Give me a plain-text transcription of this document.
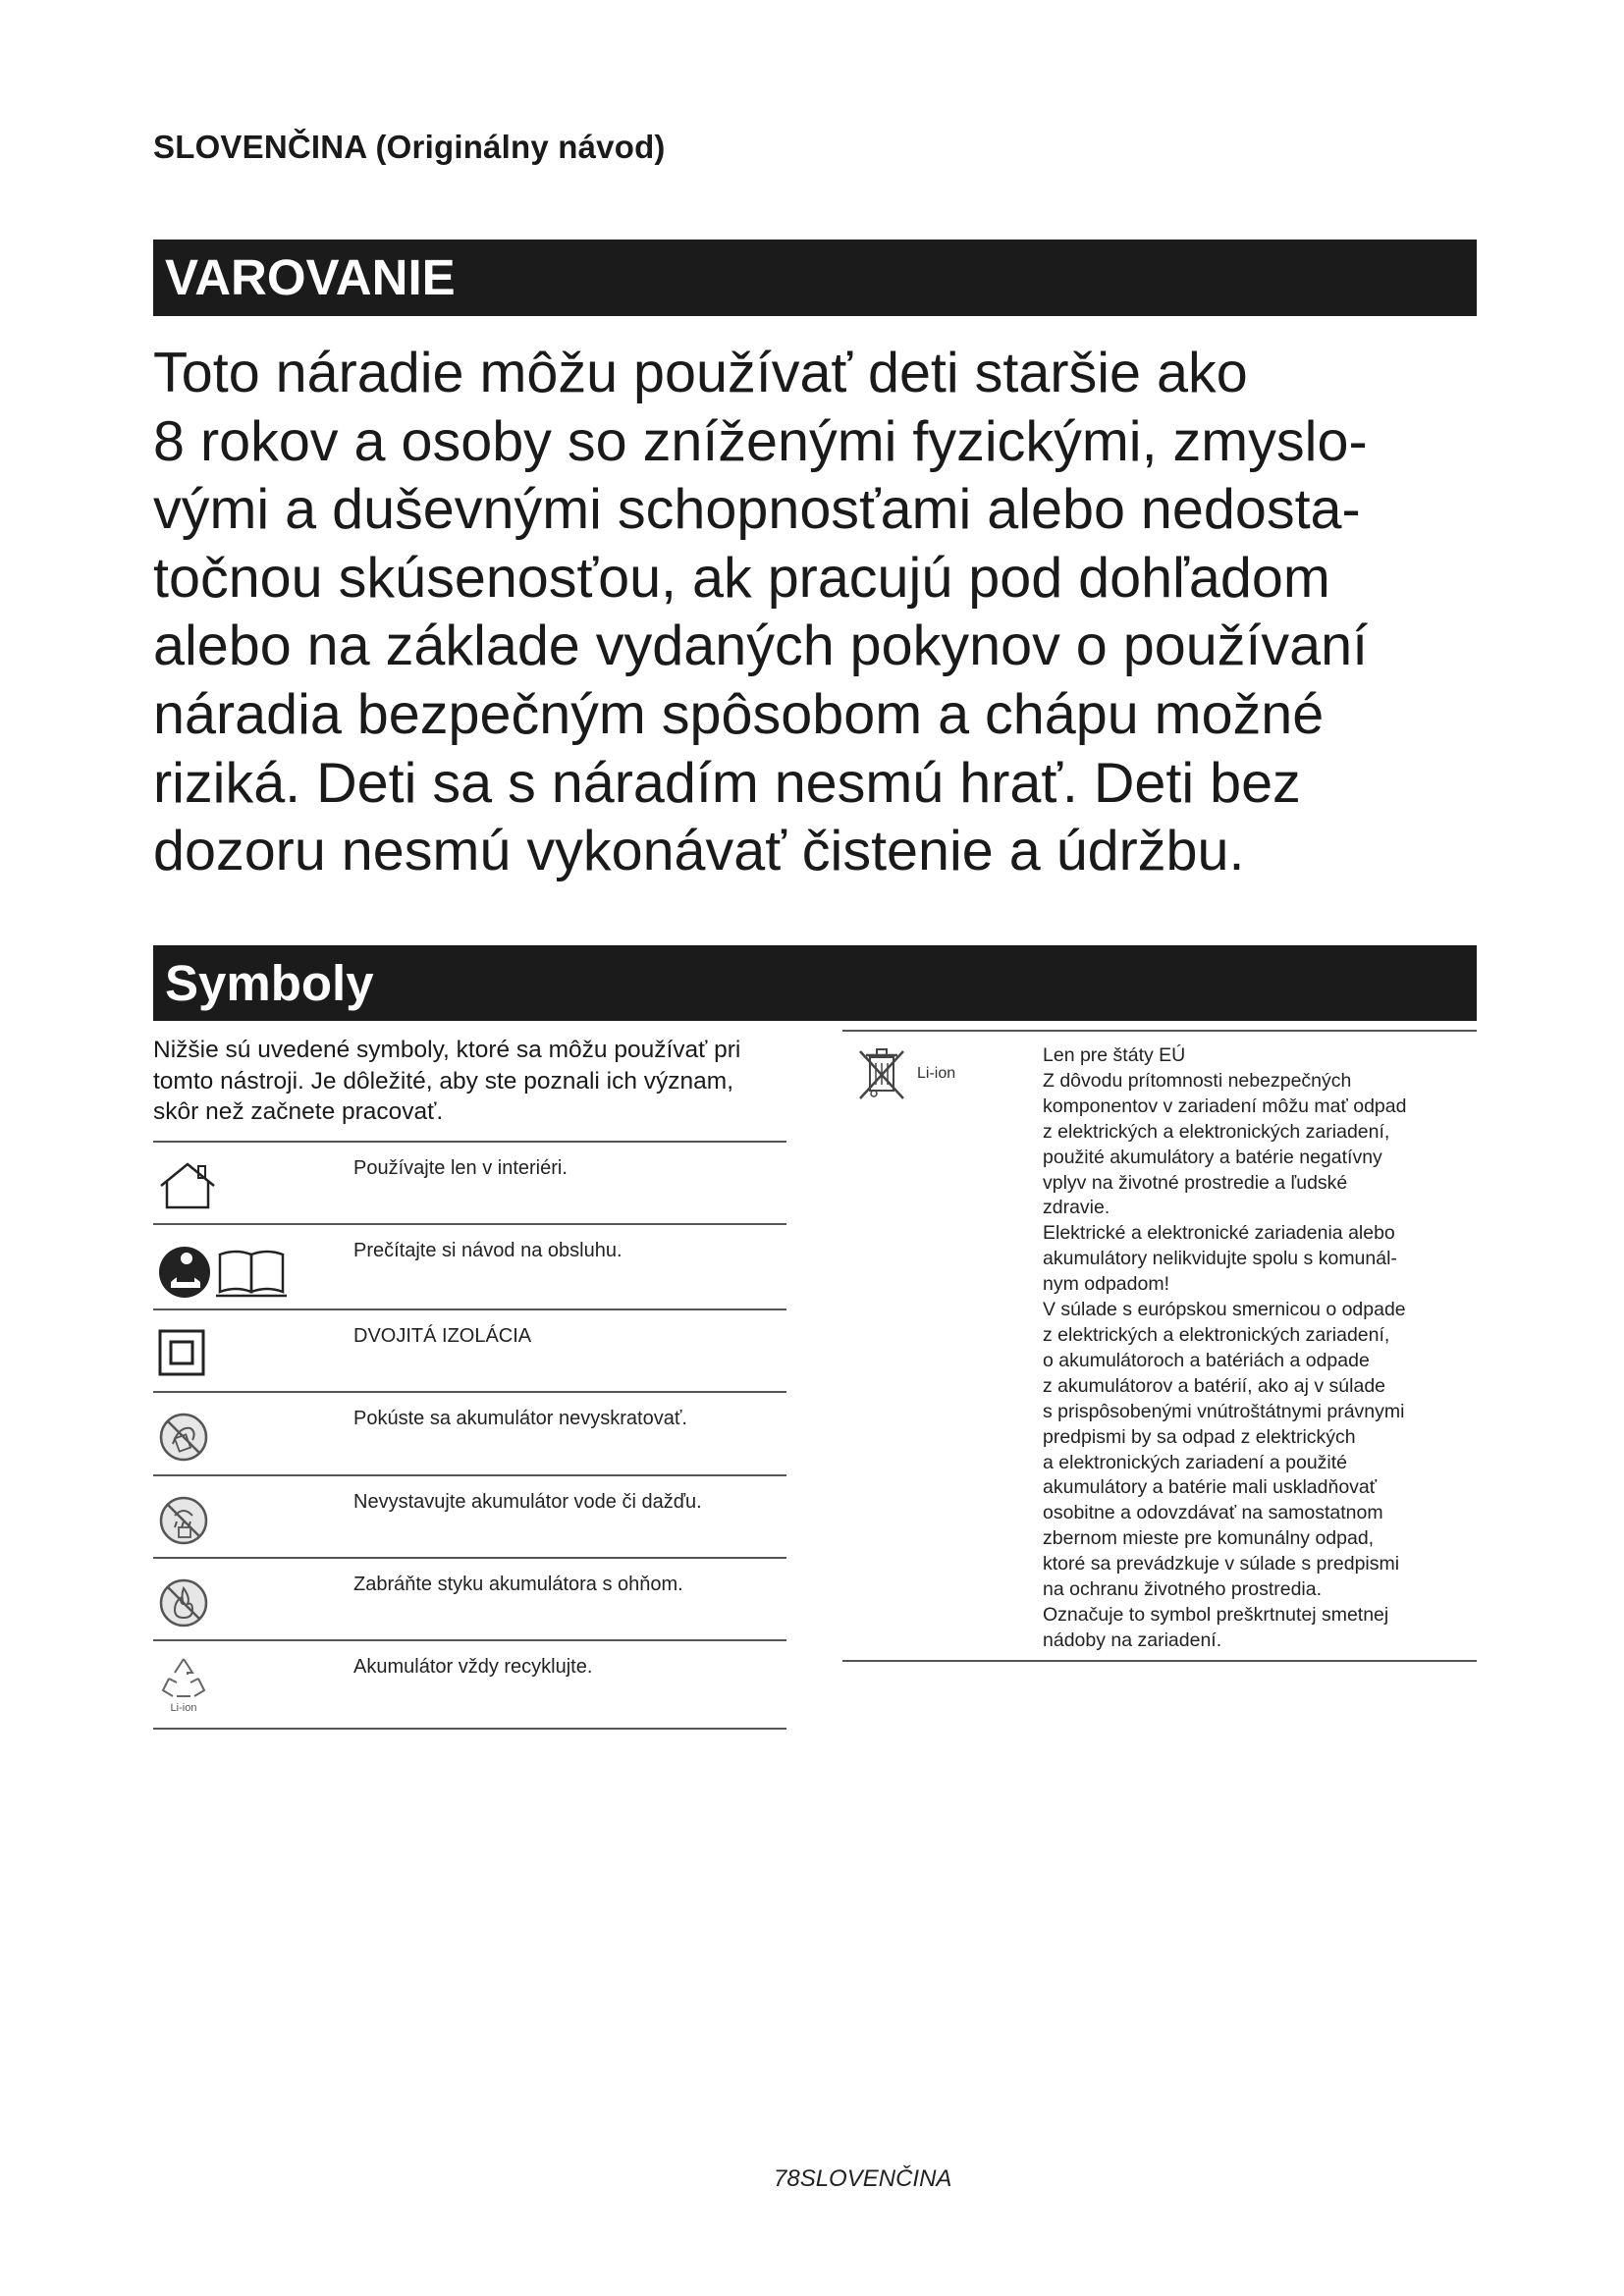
SLOVENČINA (Originálny návod)
VAROVANIE

Toto náradie môžu používať deti staršie ako
8 rokov a osoby so zníženými fyzickými, zmyslo-
vými a duševnými schopnosťami alebo nedosta-
točnou skúsenosťou, ak pracujú pod dohľadom
alebo na základe vydaných pokynov o používaní
náradia bezpečným spôsobom a chápu možné
riziká. Deti sa s náradím nesmú hrať. Deti bez
dozoru nesmú vykonávať čistenie a údržbu.

Symboly

Nižšie sú uvedené symboly, ktoré sa môžu používať pri
tomto nástroji. Je dôležité, aby ste poznali ich význam,
skôr než začnete pracovať.

Používajte len v interiéri.
Prečítajte si návod na obsluhu.
DVOJITÁ IZOLÁCIA
Pokúste sa akumulátor nevyskratovať.
Nevystavujte akumulátor vode či dažďu.
Zabráňte styku akumulátora s ohňom.
Li-ion
Akumulátor vždy recyklujte.
Li-ion

Len pre štáty EÚ
Z dôvodu prítomnosti nebezpečných
komponentov v zariadení môžu mať odpad
z elektrických a elektronických zariadení,
použité akumulátory a batérie negatívny
vplyv na životné prostredie a ľudské
zdravie.
Elektrické a elektronické zariadenia alebo
akumulátory nelikvidujte spolu s komunál-
nym odpadom!
V súlade s európskou smernicou o odpade
z elektrických a elektronických zariadení,
o akumulátoroch a batériách a odpade
z akumulátorov a batérií, ako aj v súlade
s prispôsobenými vnútroštátnymi právnymi
predpismi by sa odpad z elektrických
a elektronických zariadení a použité
akumulátory a batérie mali uskladňovať
osobitne a odovzdávať na samostatnom
zbernom mieste pre komunálny odpad,
ktoré sa prevádzkuje v súlade s predpismi
na ochranu životného prostredia.
Označuje to symbol preškrtnutej smetnej
nádoby na zariadení.

78SLOVENČINA
